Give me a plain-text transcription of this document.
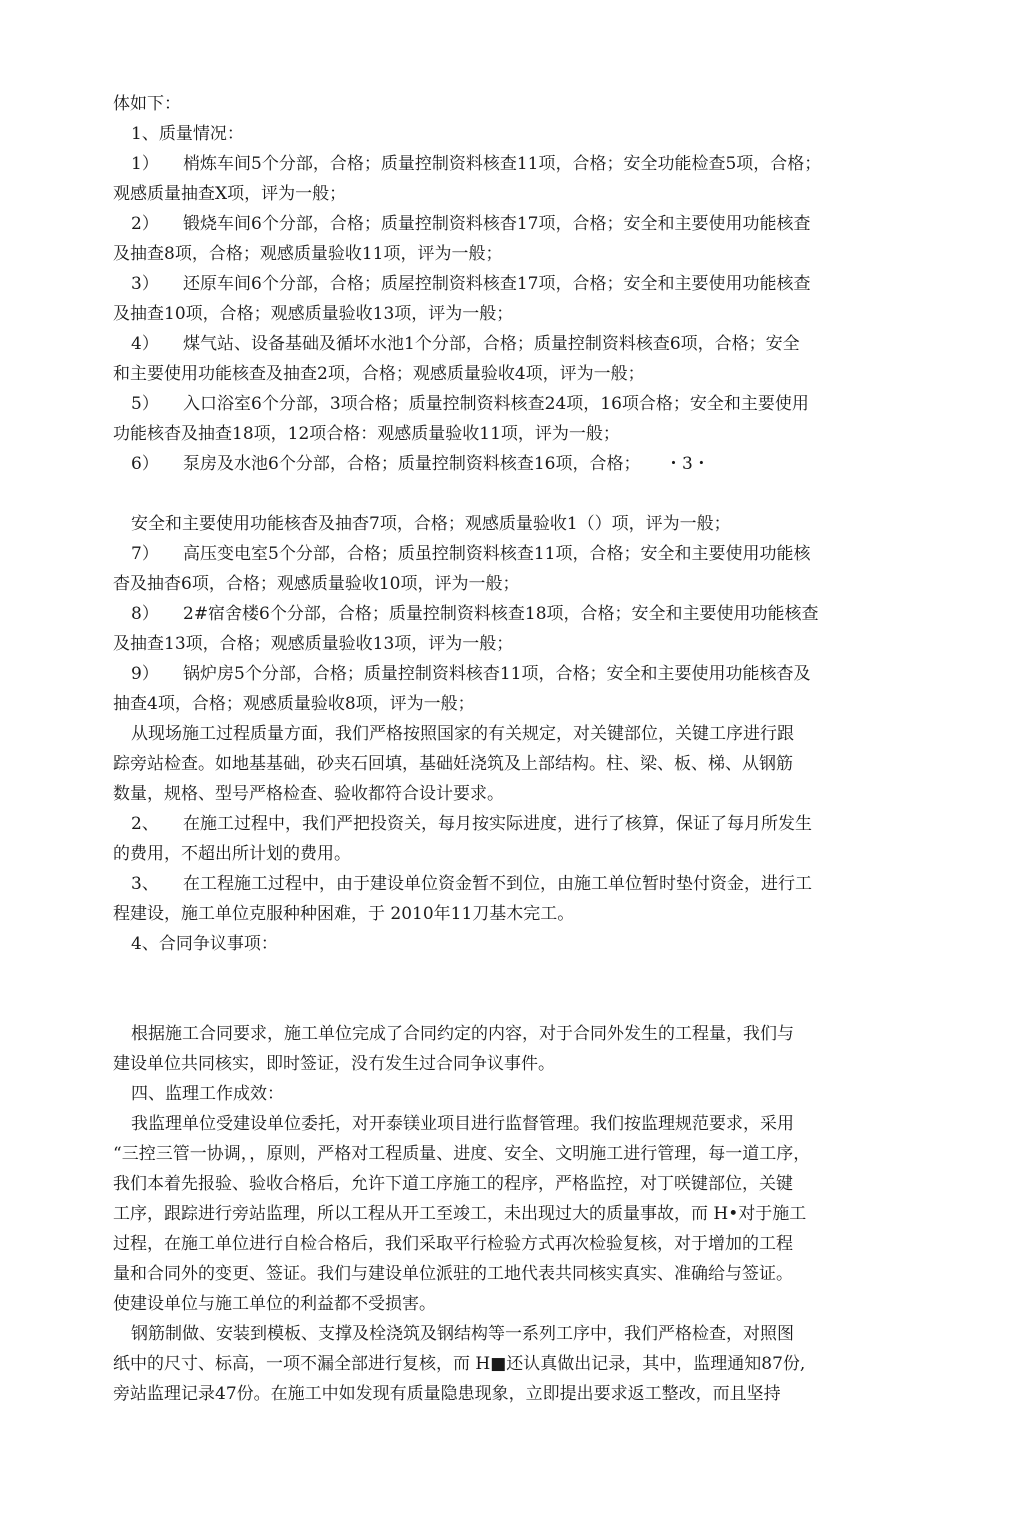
体如下：
1、质量情况：
1） 梢炼车间5个分部，合格；质量控制资料核查11项，合格；安全功能检查5项，合格；
观感质量抽查X项，评为一般；
2） 锻烧车间6个分部，合格；质量控制资料核杳17项，合格；安全和主要使用功能核査
及抽查8项，合格；观感质量验收11项，评为一般；
3） 还原车间6个分部，合格；质屋控制资料核查17项，合格；安全和主要使用功能核查
及抽查10项，合格；观感质量验收13项，评为一般；
4） 煤气站、设备基础及循坏水池1个分部，合格；质量控制资料核查6项，合格；安全
和主要使用功能核查及抽查2项，合格；观感质量验收4项，评为一般；
5） 入口浴室6个分部，3项合格；质量控制资料核查24项，16项合格；安全和主要使用
功能核杳及抽查18项，12项合格：观感质量验收11项，评为一般；
6） 泵房及水池6个分部，合格；质量控制资料核查16项，合格； ・3・
安全和主要使用功能核杳及抽杳7项，合格；观感质量验收1（）项，评为一般；
7） 高压变电室5个分部，合格；质虽控制资料核查11项，合格；安全和主要使用功能核
杳及抽杳6项，合格；观感质量验收10项，评为一般；
8） 2#宿舍楼6个分部，合格；质量控制资料核查18项，合格；安全和主要使用功能核查
及抽查13项，合格；观感质量验收13项，评为一般；
9） 锅炉房5个分部，合格；质量控制资料核杳11项，合格；安全和主要使用功能核杳及
抽查4项，合格；观感质量验收8项，评为一般；
从现场施工过程质量方面，我们严格按照国家的有关规定，对关键部位，关键工序进行跟
踪旁站检查。如地基基础，砂夹石回填，基础妊浇筑及上部结构。柱、梁、板、梯、从钢筋
数量，规格、型号严格检查、验收都符合设计要求。
2、 在施工过程中，我们严把投资关，每月按实际进度，进行了核算，保证了每月所发生
的费用，不超出所计划的费用。
3、 在工程施工过程中，由于建设单位资金暂不到位，由施工单位暂时垫付资金，进行工
程建设，施工单位克服种种困难，于 2010年11刀基木完工。
4、合同争议事项：
根据施工合同要求，施工单位完成了合同约定的内容，对于合同外发生的工程量，我们与
建设单位共同核实，即时签证，没冇发生过合同争议事件。
四、监理工作成效：
我监理单位受建设单位委托，对开泰镁业项目进行监督管理。我们按监理规范要求，采用
“三控三管一协调，，原则，严格对工程质量、进度、安全、文明施工进行管理，每一道工序，
我们本着先报验、验收合格后，允许下道工序施工的程序，严格监控，对丁咲键部位，关键
工序，跟踪进行旁站监理，所以工程从开工至竣工，未出现过大的质量事故，而 H•对于施工
过程，在施工单位进行自检合格后，我们采取平行检验方式再次检验复核，对于增加的工程
量和合同外的变更、签证。我们与建设单位派驻的工地代表共同核实真实、准确给与签证。
使建设单位与施工单位的利益都不受损害。
钢筋制做、安装到模板、支撑及栓浇筑及钢结构等一系列工序中，我们严格检查，对照图
纸中的尺寸、标高，一项不漏全部进行复核，而 H■还认真做出记录，其中，监理通知87份,
旁站监理记录47份。在施工中如发现有质量隐患现象，立即提出要求返工整改，而且坚持
